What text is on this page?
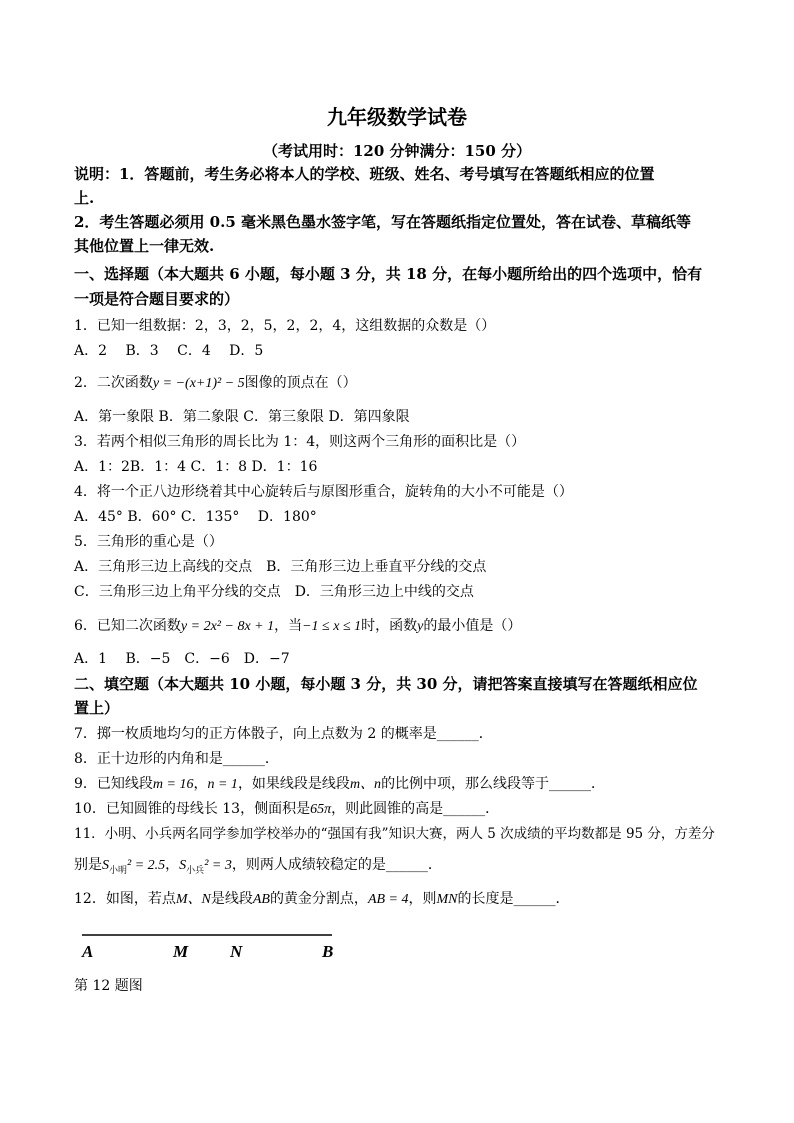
九年级数学试卷
（考试用时：120 分钟满分：150 分）
说明：1．答题前，考生务必将本人的学校、班级、姓名、考号填写在答题纸相应的位置
上.
2．考生答题必须用 0.5 毫米黑色墨水签字笔，写在答题纸指定位置处，答在试卷、草稿纸等
其他位置上一律无效.
一、选择题（本大题共 6 小题，每小题 3 分，共 18 分，在每小题所给出的四个选项中，恰有
一项是符合题目要求的）
1．已知一组数据：2，3，2，5，2，2，4，这组数据的众数是（）
A．2　 B．3　 C．4　 D．5
2．二次函数y = −(x+1)² − 5图像的顶点在（）
A．第一象限 B．第二象限 C．第三象限 D．第四象限
3．若两个相似三角形的周长比为 1：4，则这两个三角形的面积比是（）
A．1：2B．1：4 C．1：8 D．1：16
4．将一个正八边形绕着其中心旋转后与原图形重合，旋转角的大小不可能是（）
A．45° B．60° C．135°　 D．180°
5．三角形的重心是（）
A．三角形三边上高线的交点　B．三角形三边上垂直平分线的交点
C．三角形三边上角平分线的交点　D．三角形三边上中线的交点
6．已知二次函数y = 2x² − 8x + 1，当−1 ≤ x ≤ 1时，函数y的最小值是（）
A．1　 B．−5　C．−6　D．−7
二、填空题（本大题共 10 小题，每小题 3 分，共 30 分，请把答案直接填写在答题纸相应位
置上）
7．掷一枚质地均匀的正方体骰子，向上点数为 2 的概率是______．
8．正十边形的内角和是______．
9．已知线段m = 16，n = 1，如果线段是线段m、n的比例中项，那么线段等于______．
10．已知圆锥的母线长 13，侧面积是65π，则此圆锥的高是______．
11．小明、小兵两名同学参加学校举办的“强国有我”知识大赛，两人 5 次成绩的平均数都是 95 分，方差分
别是$S_{小明}^2 = 2.5$，$S_{小兵}^2 = 3$，则两人成绩较稳定的是______．
12．如图，若点M、N是线段AB的黄金分割点，AB = 4，则MN的长度是______．
A	M N	B
第 12 题图
